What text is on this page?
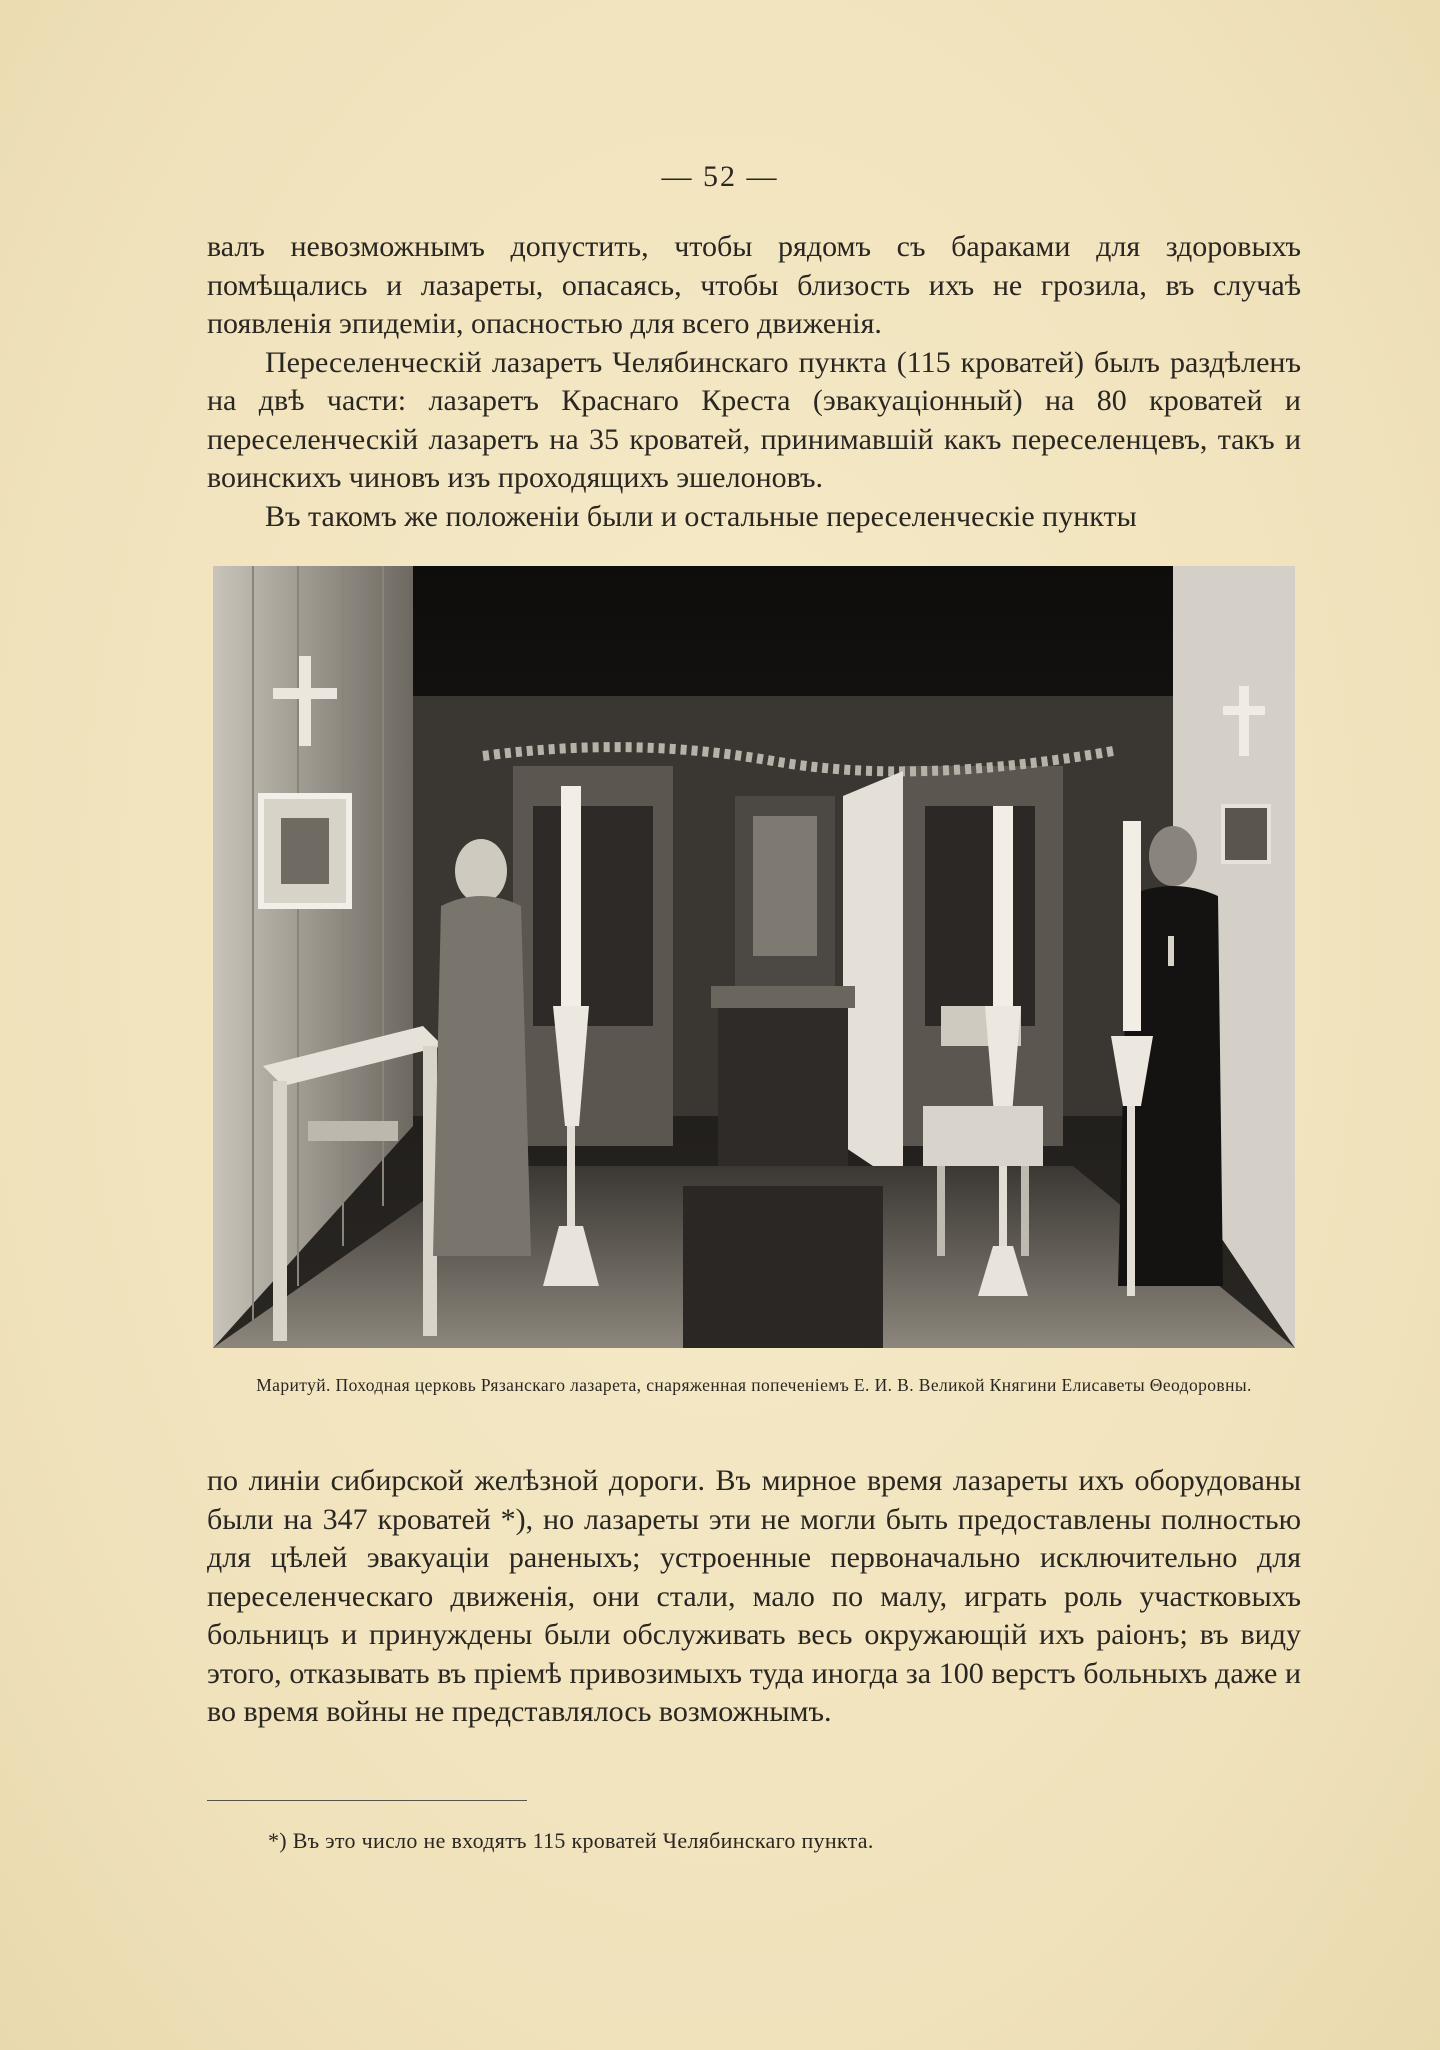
— 52 —

валъ невозможнымъ допустить, чтобы рядомъ съ бараками для здоровыхъ помѣщались и лазареты, опасаясь, чтобы близость ихъ не грозила, въ случаѣ появленія эпидеміи, опасностью для всего движенія.

Переселенческій лазаретъ Челябинскаго пункта (115 кроватей) былъ раздѣленъ на двѣ части: лазаретъ Краснаго Креста (эвакуаціонный) на 80 кроватей и переселенческій лазаретъ на 35 кроватей, принимавшій какъ переселенцевъ, такъ и воинскихъ чиновъ изъ проходящихъ эшелоновъ.

Въ такомъ же положеніи были и остальные переселенческіе пункты

Маритуй. Походная церковь Рязанскаго лазарета, снаряженная попеченіемъ Е. И. В. Великой Княгини Елисаветы Θеодоровны.

по линіи сибирской желѣзной дороги. Въ мирное время лазареты ихъ оборудованы были на 347 кроватей *), но лазареты эти не могли быть предоставлены полностью для цѣлей эвакуаціи раненыхъ; устроенные первоначально исключительно для переселенческаго движенія, они стали, мало по малу, играть роль участковыхъ больницъ и принуждены были обслуживать весь окружающій ихъ раіонъ; въ виду этого, отказывать въ пріемѣ привозимыхъ туда иногда за 100 верстъ больныхъ даже и во время войны не представлялось возможнымъ.

*) Въ это число не входятъ 115 кроватей Челябинскаго пункта.
